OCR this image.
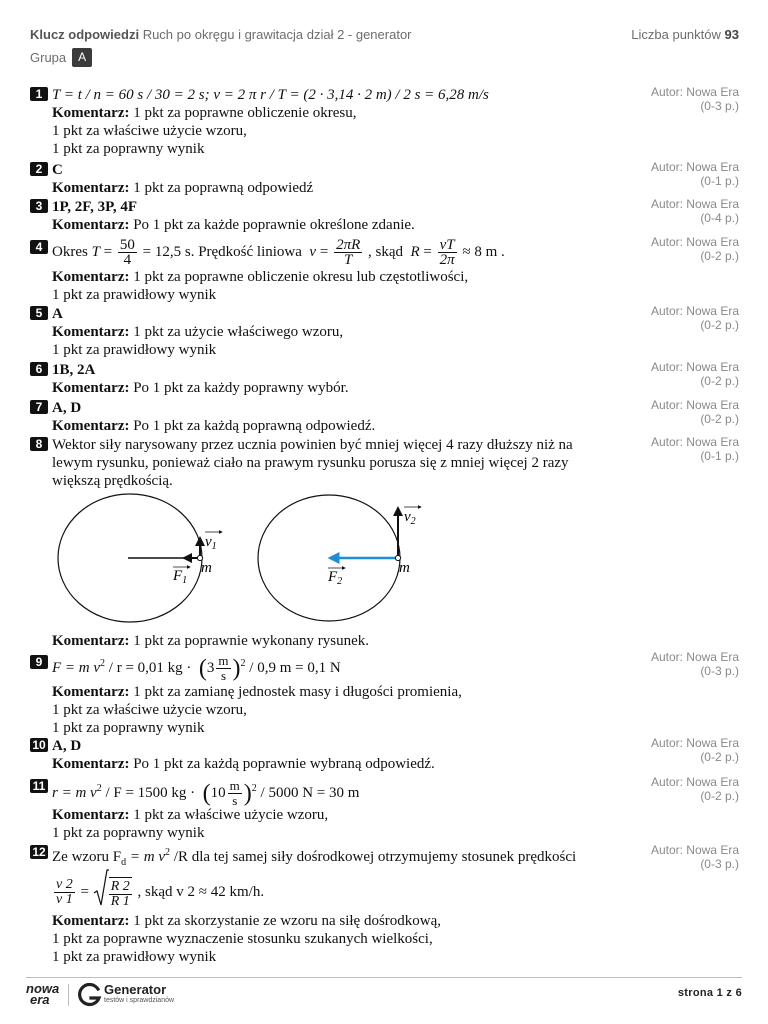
Klucz odpowiedzi Ruch po okręgu i grawitacja dział 2 - generator	Liczba punktów 93
Grupa A
1 T = t / n = 60 s / 30 = 2 s; v = 2 π r / T = (2 · 3,14 · 2 m) / 2 s = 6,28 m/s
Komentarz: 1 pkt za poprawne obliczenie okresu,
1 pkt za właściwe użycie wzoru,
1 pkt za poprawny wynik
Autor: Nowa Era
(0-3 p.)
2 C
Komentarz: 1 pkt za poprawną odpowiedź
Autor: Nowa Era
(0-1 p.)
3 1P, 2F, 3P, 4F
Komentarz: Po 1 pkt za każde poprawnie określone zdanie.
Autor: Nowa Era
(0-4 p.)
4 Okres $T = \frac{50}{4} = 12,5$ s. Prędkość liniowa $v = \frac{2\pi R}{T}$ , skąd $R = \frac{vT}{2\pi} \approx 8$ m .
Komentarz: 1 pkt za poprawne obliczenie okresu lub częstotliwości,
1 pkt za prawidłowy wynik
Autor: Nowa Era
(0-2 p.)
5 A
Komentarz: 1 pkt za użycie właściwego wzoru,
1 pkt za prawidłowy wynik
Autor: Nowa Era
(0-2 p.)
6 1B, 2A
Komentarz: Po 1 pkt za każdy poprawny wybór.
Autor: Nowa Era
(0-2 p.)
7 A, D
Komentarz: Po 1 pkt za każdą poprawną odpowiedź.
Autor: Nowa Era
(0-2 p.)
8 Wektor siły narysowany przez ucznia powinien być mniej więcej 4 razy dłuższy niż na
lewym rysunku, ponieważ ciało na prawym rysunku porusza się z mniej więcej 2 razy
większą prędkością.
Autor: Nowa Era
(0-1 p.)
$v_1$
$F_1$
m
$v_2$
$F_2$
m
Komentarz: 1 pkt za poprawnie wykonany rysunek.
9 F = m $v^2 / r = 0,01$ kg · $(3 \frac{m}{s} )^2 / 0,9$ m = 0,1 N
Komentarz: 1 pkt za zamianę jednostek masy i długości promienia,
1 pkt za właściwe użycie wzoru,
1 pkt za poprawny wynik
Autor: Nowa Era
(0-3 p.)
10 A, D
Komentarz: Po 1 pkt za każdą poprawnie wybraną odpowiedź.
Autor: Nowa Era
(0-2 p.)
11 r = m $v^2 / F = 1500$ kg · $(10 \frac{m}{s} )^2 / 5000$ N = 30 m
Komentarz: 1 pkt za właściwe użycie wzoru,
1 pkt za poprawny wynik
Autor: Nowa Era
(0-2 p.)
12 Ze wzoru $F_d = m$ $v^2$ /R dla tej samej siły dośrodkowej otrzymujemy stosunek prędkości
$\frac{v 2}{v 1} = \frac{R 2}{R 1}$ , skąd v 2 ≈ 42 km/h.
Komentarz: 1 pkt za skorzystanie ze wzoru na siłę dośrodkową,
1 pkt za poprawne wyznaczenie stosunku szukanych wielkości,
1 pkt za prawidłowy wynik
Autor: Nowa Era
(0-3 p.)
nowa
era
Generator
testów i sprawdzianów
strona 1 z 6
